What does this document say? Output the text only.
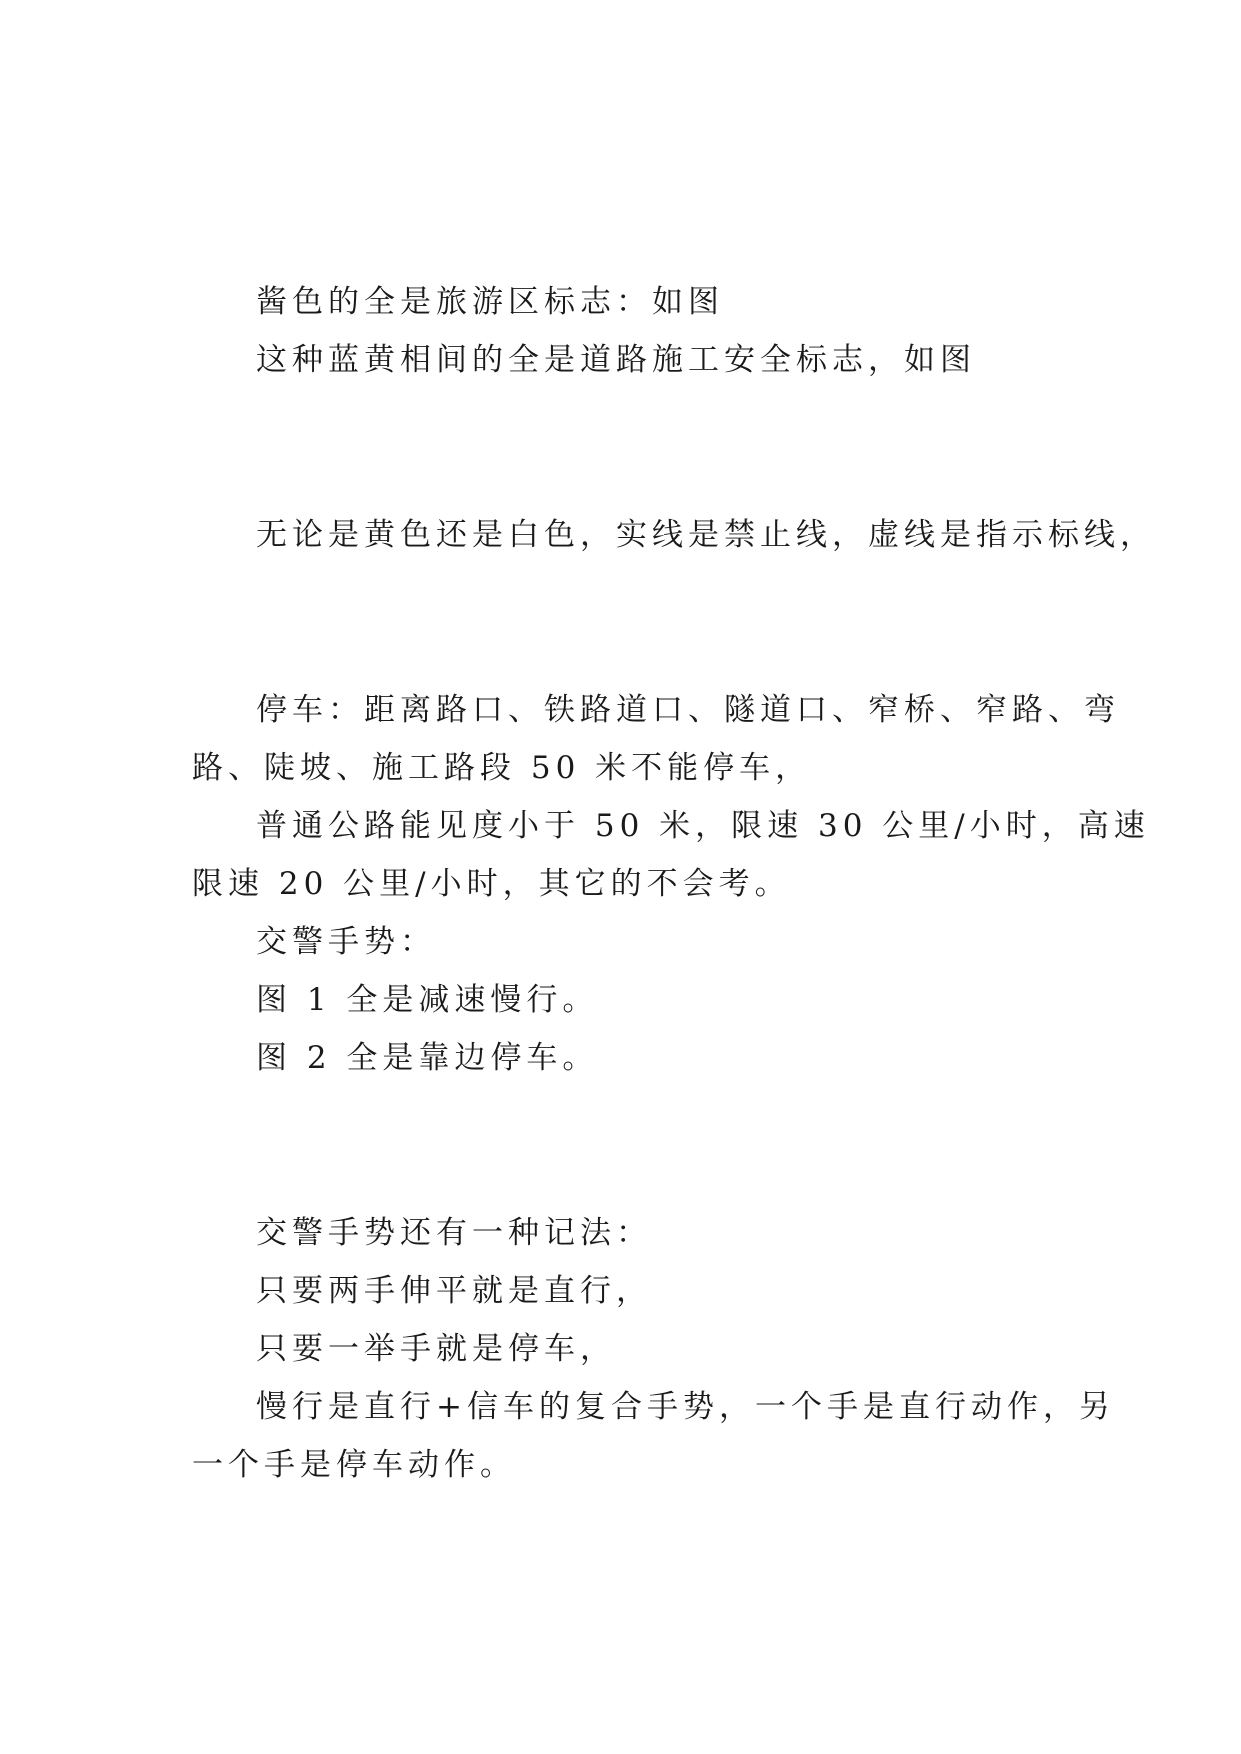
酱色的全是旅游区标志：如图
这种蓝黄相间的全是道路施工安全标志，如图
无论是黄色还是白色，实线是禁止线，虚线是指示标线，
停车：距离路口、铁路道口、隧道口、窄桥、窄路、弯
路、陡坡、施工路段 50 米不能停车，
普通公路能见度小于 50 米，限速 30 公里/小时，高速
限速 20 公里/小时，其它的不会考。
交警手势：
图 1 全是减速慢行。
图 2 全是靠边停车。
交警手势还有一种记法：
只要两手伸平就是直行，
只要一举手就是停车，
慢行是直行+信车的复合手势，一个手是直行动作，另
一个手是停车动作。
